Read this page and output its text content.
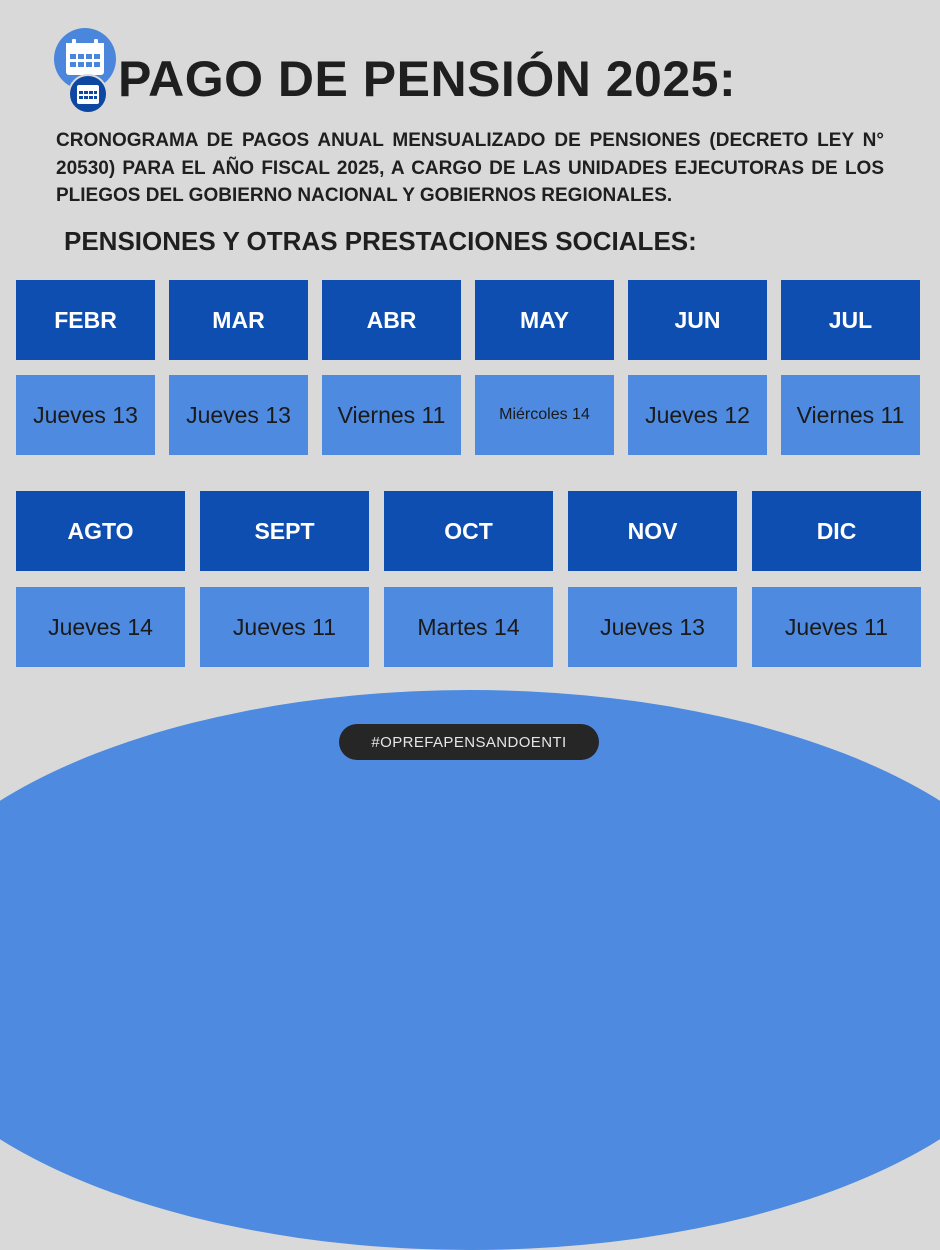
PAGO DE PENSIÓN 2025:
CRONOGRAMA DE PAGOS ANUAL MENSUALIZADO DE PENSIONES (DECRETO LEY N° 20530) PARA EL AÑO FISCAL 2025, A CARGO DE LAS UNIDADES EJECUTORAS DE LOS PLIEGOS DEL GOBIERNO NACIONAL Y GOBIERNOS REGIONALES.
PENSIONES Y OTRAS PRESTACIONES SOCIALES:
FEBR	MAR	ABR	MAY	JUN	JUL
Jueves 13	Jueves 13	Viernes 11	Miércoles 14	Jueves 12	Viernes 11
AGTO	SEPT	OCT	NOV	DIC
Jueves 14	Jueves 11	Martes 14	Jueves 13	Jueves 11
#OPREFAPENSANDOENTI
